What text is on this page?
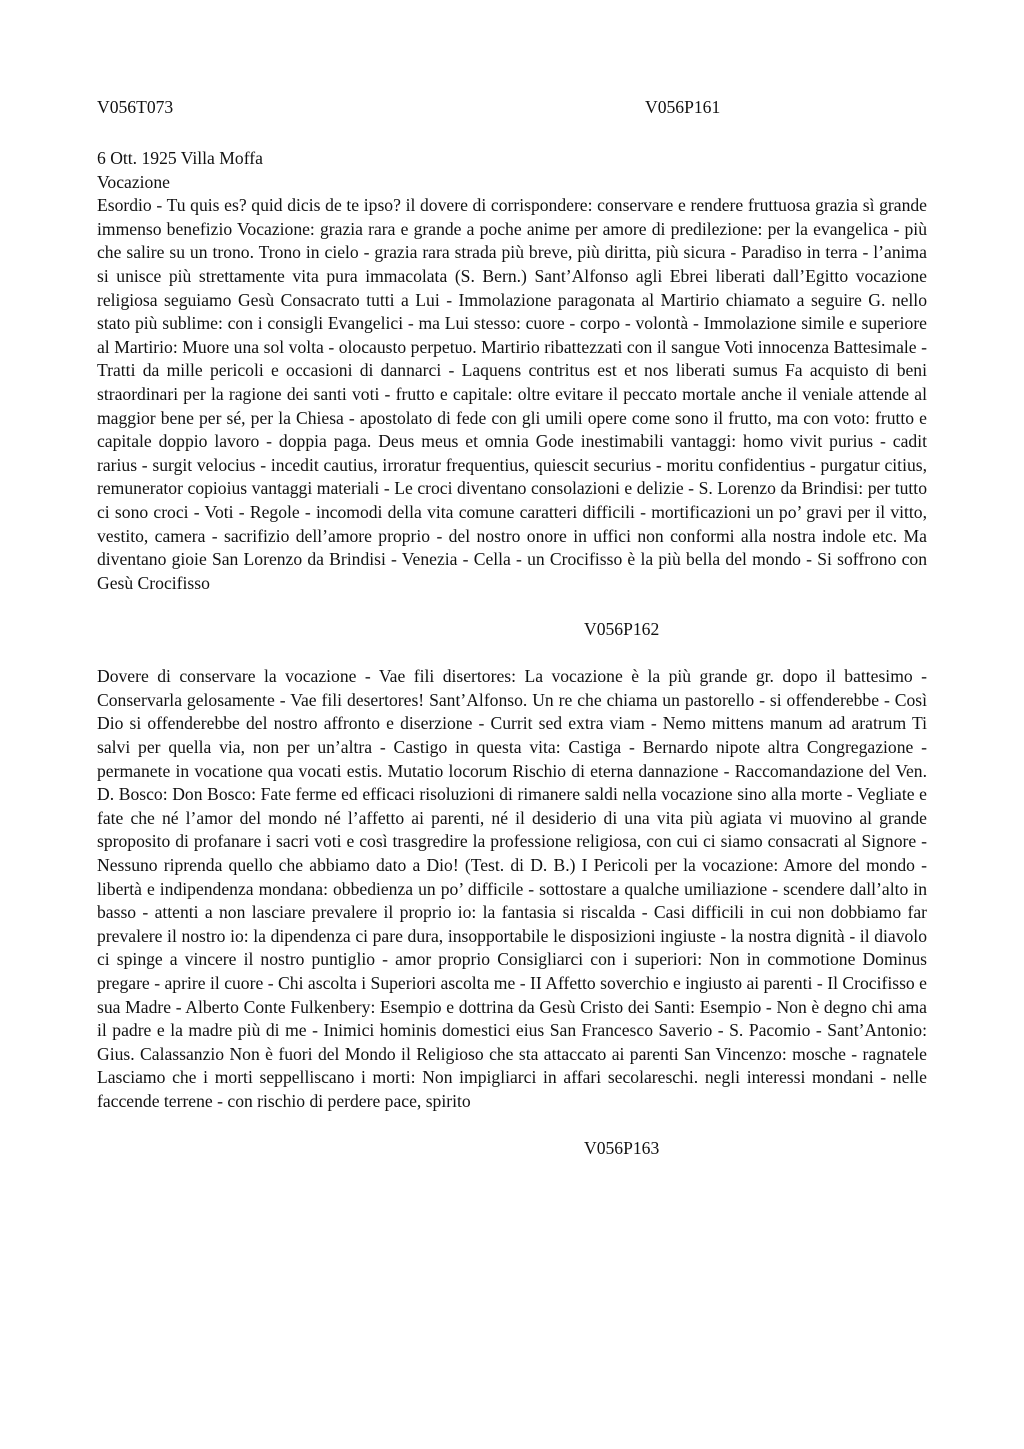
V056T073	V056P161
6 Ott. 1925 Villa Moffa
Vocazione

Esordio - Tu quis es? quid dicis de te ipso? il dovere di corrispondere: conservare e rendere fruttuosa grazia sì grande immenso benefizio Vocazione: grazia rara e grande a poche anime per amore di predilezione: per la evangelica - più che salire su un trono. Trono in cielo - grazia rara strada più breve, più diritta, più sicura - Paradiso in terra - l’anima si unisce più strettamente vita pura immacolata (S. Bern.) Sant’Alfonso agli Ebrei liberati dall’Egitto vocazione religiosa seguiamo Gesù Consacrato tutti a Lui - Immolazione paragonata al Martirio chiamato a seguire G. nello stato più sublime: con i consigli Evangelici - ma Lui stesso: cuore - corpo - volontà - Immolazione simile e superiore al Martirio: Muore una sol volta - olocausto perpetuo. Martirio ribattezzati con il sangue Voti innocenza Battesimale - Tratti da mille pericoli e occasioni di dannarci - Laquens contritus est et nos liberati sumus Fa acquisto di beni straordinari per la ragione dei santi voti - frutto e capitale: oltre evitare il peccato mortale anche il veniale attende al maggior bene per sé, per la Chiesa - apostolato di fede con gli umili opere come sono il frutto, ma con voto: frutto e capitale doppio lavoro - doppia paga. Deus meus et omnia Gode inestimabili vantaggi: homo vivit purius - cadit rarius - surgit velocius - incedit cautius, irroratur frequentius, quiescit securius - moritu confidentius - purgatur citius, remunerator copioius vantaggi materiali - Le croci diventano consolazioni e delizie - S. Lorenzo da Brindisi: per tutto ci sono croci - Voti - Regole - incomodi della vita comune caratteri difficili - mortificazioni un po’ gravi per il vitto, vestito, camera - sacrifizio dell’amore proprio - del nostro onore in uffici non conformi alla nostra indole etc. Ma diventano gioie San Lorenzo da Brindisi - Venezia - Cella - un Crocifisso è la più bella del mondo - Si soffrono con Gesù Crocifisso

V056P162

Dovere di conservare la vocazione - Vae fili disertores: La vocazione è la più grande gr. dopo il battesimo - Conservarla gelosamente - Vae fili desertores! Sant’Alfonso. Un re che chiama un pastorello - si offenderebbe - Così Dio si offenderebbe del nostro affronto e diserzione - Currit sed extra viam - Nemo mittens manum ad aratrum Ti salvi per quella via, non per un’altra - Castigo in questa vita: Castiga - Bernardo nipote altra Congregazione - permanete in vocatione qua vocati estis. Mutatio locorum Rischio di eterna dannazione - Raccomandazione del Ven. D. Bosco: Don Bosco: Fate ferme ed efficaci risoluzioni di rimanere saldi nella vocazione sino alla morte - Vegliate e fate che né l’amor del mondo né l’affetto ai parenti, né il desiderio di una vita più agiata vi muovino al grande sproposito di profanare i sacri voti e così trasgredire la professione religiosa, con cui ci siamo consacrati al Signore - Nessuno riprenda quello che abbiamo dato a Dio! (Test. di D. B.) I Pericoli per la vocazione: Amore del mondo - libertà e indipendenza mondana: obbedienza un po’ difficile - sottostare a qualche umiliazione - scendere dall’alto in basso - attenti a non lasciare prevalere il proprio io: la fantasia si riscalda - Casi difficili in cui non dobbiamo far prevalere il nostro io: la dipendenza ci pare dura, insopportabile le disposizioni ingiuste - la nostra dignità - il diavolo ci spinge a vincere il nostro puntiglio - amor proprio Consigliarci con i superiori: Non in commotione Dominus pregare - aprire il cuore - Chi ascolta i Superiori ascolta me - II Affetto soverchio e ingiusto ai parenti - Il Crocifisso e sua Madre - Alberto Conte Fulkenbery: Esempio e dottrina da Gesù Cristo dei Santi: Esempio - Non è degno chi ama il padre e la madre più di me - Inimici hominis domestici eius San Francesco Saverio - S. Pacomio - Sant’Antonio: Gius. Calassanzio Non è fuori del Mondo il Religioso che sta attaccato ai parenti San Vincenzo: mosche - ragnatele Lasciamo che i morti seppelliscano i morti: Non impigliarci in affari secolareschi. negli interessi mondani - nelle faccende terrene - con rischio di perdere pace, spirito

V056P163
